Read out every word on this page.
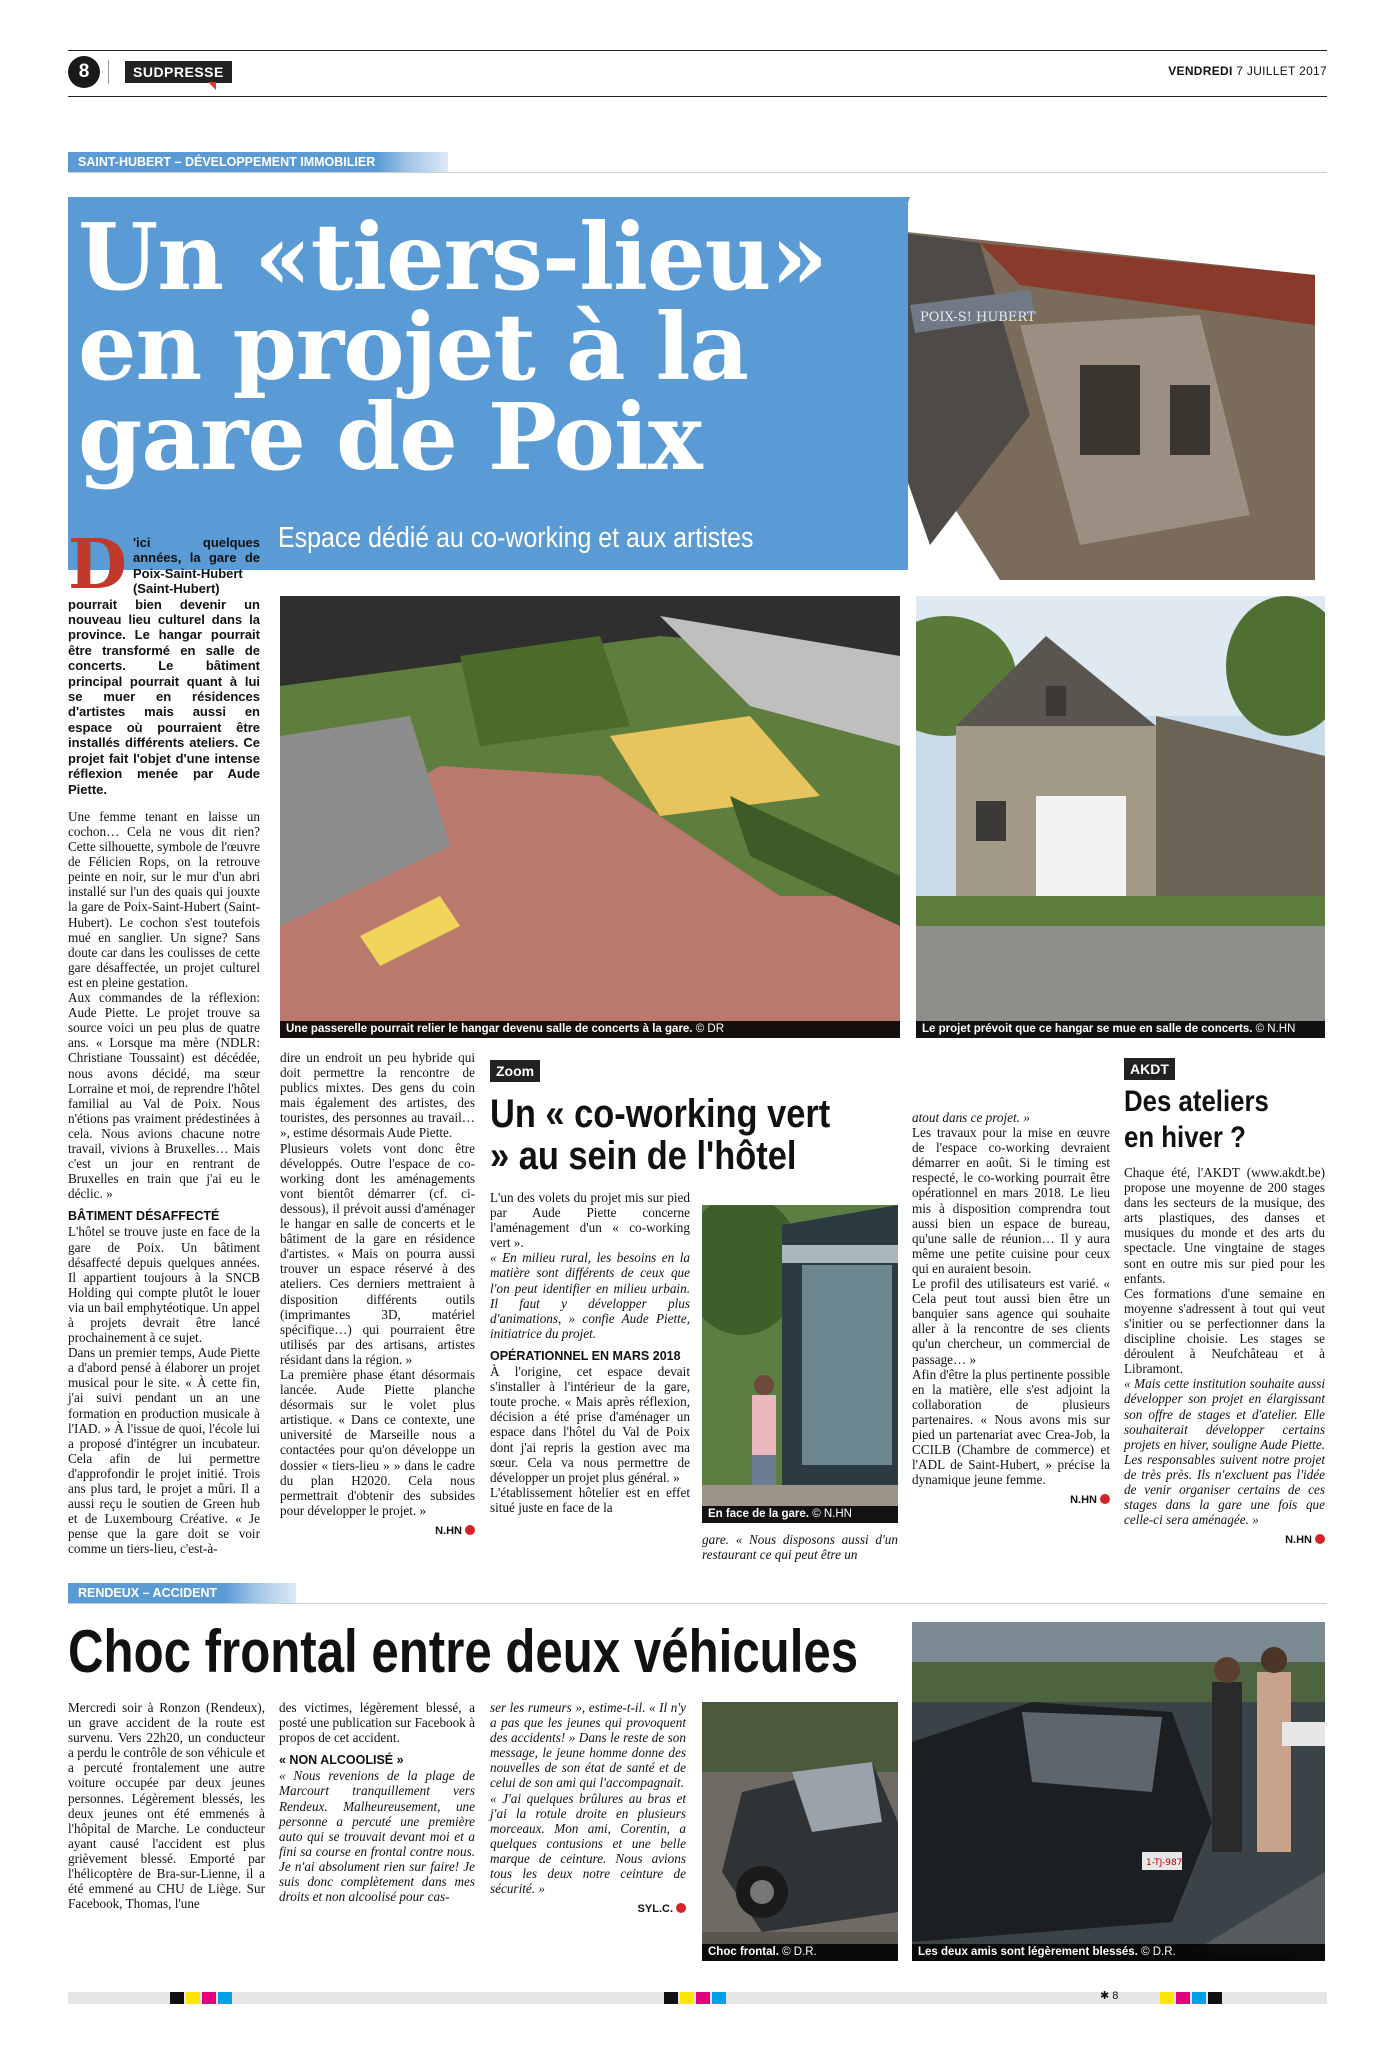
8	SUDPRESSE	VENDREDI 7 JUILLET 2017
SAINT-HUBERT – DÉVELOPPEMENT IMMOBILIER
POIX-S! HUBERT
Un «tiers-lieu» en projet à la gare de Poix
Espace dédié au co-working et aux artistes

D 'ici quelques années, la gare de Poix-Saint-Hubert (Saint-Hubert) pourrait bien devenir un nouveau lieu culturel dans la province. Le hangar pourrait être transformé en salle de concerts. Le bâtiment principal pourrait quant à lui se muer en résidences d'artistes mais aussi en espace où pourraient être installés différents ateliers. Ce projet fait l'objet d'une intense réflexion menée par Aude Piette.

Une femme tenant en laisse un cochon… Cela ne vous dit rien? Cette silhouette, symbole de l'œuvre de Félicien Rops, on la retrouve peinte en noir, sur le mur d'un abri installé sur l'un des quais qui jouxte la gare de Poix-Saint-Hubert (Saint-Hubert). Le cochon s'est toutefois mué en sanglier. Un signe? Sans doute car dans les coulisses de cette gare désaffectée, un projet culturel est en pleine gestation.

Aux commandes de la réflexion: Aude Piette. Le projet trouve sa source voici un peu plus de quatre ans. « Lorsque ma mère (NDLR: Christiane Toussaint) est décédée, nous avons décidé, ma sœur Lorraine et moi, de reprendre l'hôtel familial au Val de Poix. Nous n'étions pas vraiment prédestinées à cela. Nous avions chacune notre travail, vivions à Bruxelles… Mais c'est un jour en rentrant de Bruxelles en train que j'ai eu le déclic. »

BÂTIMENT DÉSAFFECTÉ

L'hôtel se trouve juste en face de la gare de Poix. Un bâtiment désaffecté depuis quelques années. Il appartient toujours à la SNCB Holding qui compte plutôt le louer via un bail emphytéotique. Un appel à projets devrait être lancé prochainement à ce sujet.

Dans un premier temps, Aude Piette a d'abord pensé à élaborer un projet musical pour le site. « À cette fin, j'ai suivi pendant un an une formation en production musicale à l'IAD. » À l'issue de quoi, l'école lui a proposé d'intégrer un incubateur. Cela afin de lui permettre d'approfondir le projet initié. Trois ans plus tard, le projet a mûri. Il a aussi reçu le soutien de Green hub et de Luxembourg Créative. « Je pense que la gare doit se voir comme un tiers-lieu, c'est-à-

Une passerelle pourrait relier le hangar devenu salle de concerts à la gare. © DR	Le projet prévoit que ce hangar se mue en salle de concerts. © N.HN

dire un endroit un peu hybride qui doit permettre la rencontre de publics mixtes. Des gens du coin mais également des artistes, des touristes, des personnes au travail… », estime désormais Aude Piette.

Plusieurs volets vont donc être développés. Outre l'espace de co-working dont les aménagements vont bientôt démarrer (cf. ci-dessous), il prévoit aussi d'aménager le hangar en salle de concerts et le bâtiment de la gare en résidence d'artistes. « Mais on pourra aussi trouver un espace réservé à des ateliers. Ces derniers mettraient à disposition différents outils (imprimantes 3D, matériel spécifique…) qui pourraient être utilisés par des artisans, artistes résidant dans la région. »

La première phase étant désormais lancée. Aude Piette planche désormais sur le volet plus artistique. « Dans ce contexte, une université de Marseille nous a contactées pour qu'on développe un dossier « tiers-lieu » » dans le cadre du plan H2020. Cela nous permettrait d'obtenir des subsides pour développer le projet. »

N.HN

Zoom
Un « co-working vert » au sein de l'hôtel

L'un des volets du projet mis sur pied par Aude Piette concerne l'aménagement d'un « co-working vert ».

« En milieu rural, les besoins en la matière sont différents de ceux que l'on peut identifier en milieu urbain. Il faut y développer plus d'animations, » confie Aude Piette, initiatrice du projet.

OPÉRATIONNEL EN MARS 2018

À l'origine, cet espace devait s'installer à l'intérieur de la gare, toute proche. « Mais après réflexion, décision a été prise d'aménager un espace dans l'hôtel du Val de Poix dont j'ai repris la gestion avec ma sœur. Cela va nous permettre de développer un projet plus général. »

L'établissement hôtelier est en effet situé juste en face de la	En face de la gare. © N.HN

gare. « Nous disposons aussi d'un restaurant ce qui peut être un

atout dans ce projet. »

Les travaux pour la mise en œuvre de l'espace co-working devraient démarrer en août. Si le timing est respecté, le co-working pourrait être opérationnel en mars 2018. Le lieu mis à disposition comprendra tout aussi bien un espace de bureau, qu'une salle de réunion… Il y aura même une petite cuisine pour ceux qui en auraient besoin.

Le profil des utilisateurs est varié. « Cela peut tout aussi bien être un banquier sans agence qui souhaite aller à la rencontre de ses clients qu'un chercheur, un commercial de passage… »

Afin d'être la plus pertinente possible en la matière, elle s'est adjoint la collaboration de plusieurs partenaires. « Nous avons mis sur pied un partenariat avec Crea-Job, la CCILB (Chambre de commerce) et l'ADL de Saint-Hubert, » précise la dynamique jeune femme.

N.HN

AKDT
Des ateliers en hiver ?

Chaque été, l'AKDT (www.akdt.be) propose une moyenne de 200 stages dans les secteurs de la musique, des arts plastiques, des danses et musiques du monde et des arts du spectacle. Une vingtaine de stages sont en outre mis sur pied pour les enfants.

Ces formations d'une semaine en moyenne s'adressent à tout qui veut s'initier ou se perfectionner dans la discipline choisie. Les stages se déroulent à Neufchâteau et à Libramont.

« Mais cette institution souhaite aussi développer son projet en élargissant son offre de stages et d'atelier. Elle souhaiterait développer certains projets en hiver, souligne Aude Piette. Les responsables suivent notre projet de très près. Ils n'excluent pas l'idée de venir organiser certains de ces stages dans la gare une fois que celle-ci sera aménagée. »

N.HN

RENDEUX – ACCIDENT
Choc frontal entre deux véhicules

Mercredi soir à Ronzon (Rendeux), un grave accident de la route est survenu. Vers 22h20, un conducteur a perdu le contrôle de son véhicule et a percuté frontalement une autre voiture occupée par deux jeunes personnes. Légèrement blessés, les deux jeunes ont été emmenés à l'hôpital de Marche. Le conducteur ayant causé l'accident est plus grièvement blessé. Emporté par l'hélicoptère de Bra-sur-Lienne, il a été emmené au CHU de Liège. Sur Facebook, Thomas, l'une

des victimes, légèrement blessé, a posté une publication sur Facebook à propos de cet accident.

« NON ALCOOLISÉ »

« Nous revenions de la plage de Marcourt tranquillement vers Rendeux. Malheureusement, une personne a percuté une première auto qui se trouvait devant moi et a fini sa course en frontal contre nous. Je n'ai absolument rien sur faire! Je suis donc complètement dans mes droits et non alcoolisé pour cas-

ser les rumeurs », estime-t-il. « Il n'y a pas que les jeunes qui provoquent des accidents! » Dans le reste de son message, le jeune homme donne des nouvelles de son état de santé et de celui de son ami qui l'accompagnait.

« J'ai quelques brûlures au bras et j'ai la rotule droite en plusieurs morceaux. Mon ami, Corentin, a quelques contusions et une belle marque de ceinture. Nous avions tous les deux notre ceinture de sécurité. »

SYL.C.

Choc frontal. © D.R.
1-TJ-987
Les deux amis sont légèrement blessés. © D.R.
✱ 8
